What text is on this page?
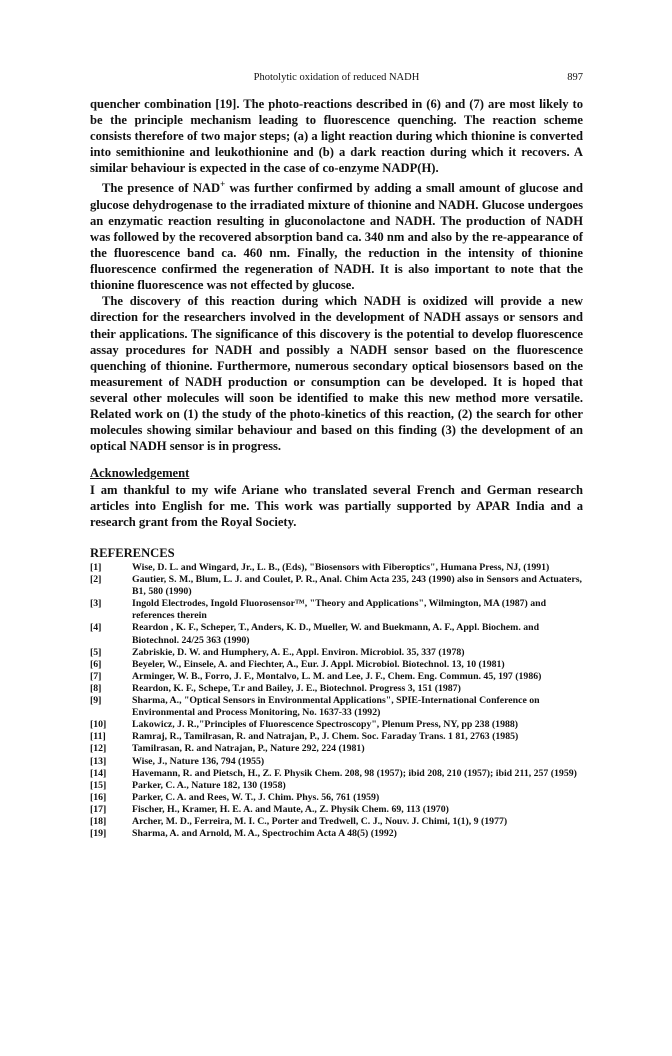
Photolytic oxidation of reduced NADH	897

quencher combination [19]. The photo-reactions described in (6) and (7) are most likely to be the principle mechanism leading to fluorescence quenching. The reaction scheme consists therefore of two major steps; (a) a light reaction during which thionine is converted into semithionine and leukothionine and (b) a dark reaction during which it recovers. A similar behaviour is expected in the case of co-enzyme NADP(H).

The presence of NAD+ was further confirmed by adding a small amount of glucose and glucose dehydrogenase to the irradiated mixture of thionine and NADH. Glucose undergoes an enzymatic reaction resulting in gluconolactone and NADH. The production of NADH was followed by the recovered absorption band ca. 340 nm and also by the re-appearance of the fluorescence band ca. 460 nm. Finally, the reduction in the intensity of thionine fluorescence confirmed the regeneration of NADH. It is also important to note that the thionine fluorescence was not effected by glucose.

The discovery of this reaction during which NADH is oxidized will provide a new direction for the researchers involved in the development of NADH assays or sensors and their applications. The significance of this discovery is the potential to develop fluorescence assay procedures for NADH and possibly a NADH sensor based on the fluorescence quenching of thionine. Furthermore, numerous secondary optical biosensors based on the measurement of NADH production or consumption can be developed. It is hoped that several other molecules will soon be identified to make this new method more versatile. Related work on (1) the study of the photo-kinetics of this reaction, (2) the search for other molecules showing similar behaviour and based on this finding (3) the development of an optical NADH sensor is in progress.

Acknowledgement

I am thankful to my wife Ariane who translated several French and German research articles into English for me. This work was partially supported by APAR India and a research grant from the Royal Society.

REFERENCES
[1]	Wise, D. L. and Wingard, Jr., L. B., (Eds), "Biosensors with Fiberoptics", Humana Press, NJ, (1991)
[2]	Gautier, S. M., Blum, L. J. and Coulet, P. R., Anal. Chim Acta 235, 243 (1990) also in Sensors and Actuaters, B1, 580 (1990)
[3]	Ingold Electrodes, Ingold Fluorosensor™, "Theory and Applications", Wilmington, MA (1987) and references therein
[4]	Reardon , K. F., Scheper, T., Anders, K. D., Mueller, W. and Buekmann, A. F., Appl. Biochem. and Biotechnol. 24/25 363 (1990)
[5]	Zabriskie, D. W. and Humphery, A. E., Appl. Environ. Microbiol. 35, 337 (1978)
[6]	Beyeler, W., Einsele, A. and Fiechter, A., Eur. J. Appl. Microbiol. Biotechnol. 13, 10 (1981)
[7]	Arminger, W. B., Forro, J. F., Montalvo, L. M. and Lee, J. F., Chem. Eng. Commun. 45, 197 (1986)
[8]	Reardon, K. F., Schepe, T.r and Bailey, J. E., Biotechnol. Progress 3, 151 (1987)
[9]	Sharma, A., "Optical Sensors in Environmental Applications", SPIE-International Conference on Environmental and Process Monitoring, No. 1637-33 (1992)
[10]	Lakowicz, J. R.,"Principles of Fluorescence Spectroscopy", Plenum Press, NY, pp 238 (1988)
[11]	Ramraj, R., Tamilrasan, R. and Natrajan, P., J. Chem. Soc. Faraday Trans. 1 81, 2763 (1985)
[12]	Tamilrasan, R. and Natrajan, P., Nature 292, 224 (1981)
[13]	Wise, J., Nature 136, 794 (1955)
[14]	Havemann, R. and Pietsch, H., Z. F. Physik Chem. 208, 98 (1957); ibid 208, 210 (1957); ibid 211, 257 (1959)
[15]	Parker, C. A., Nature 182, 130 (1958)
[16]	Parker, C. A. and Rees, W. T., J. Chim. Phys. 56, 761 (1959)
[17]	Fischer, H., Kramer, H. E. A. and Maute, A., Z. Physik Chem. 69, 113 (1970)
[18]	Archer, M. D., Ferreira, M. I. C., Porter and Tredwell, C. J., Nouv. J. Chimi, 1(1), 9 (1977)
[19]	Sharma, A. and Arnold, M. A., Spectrochim Acta A 48(5) (1992)
